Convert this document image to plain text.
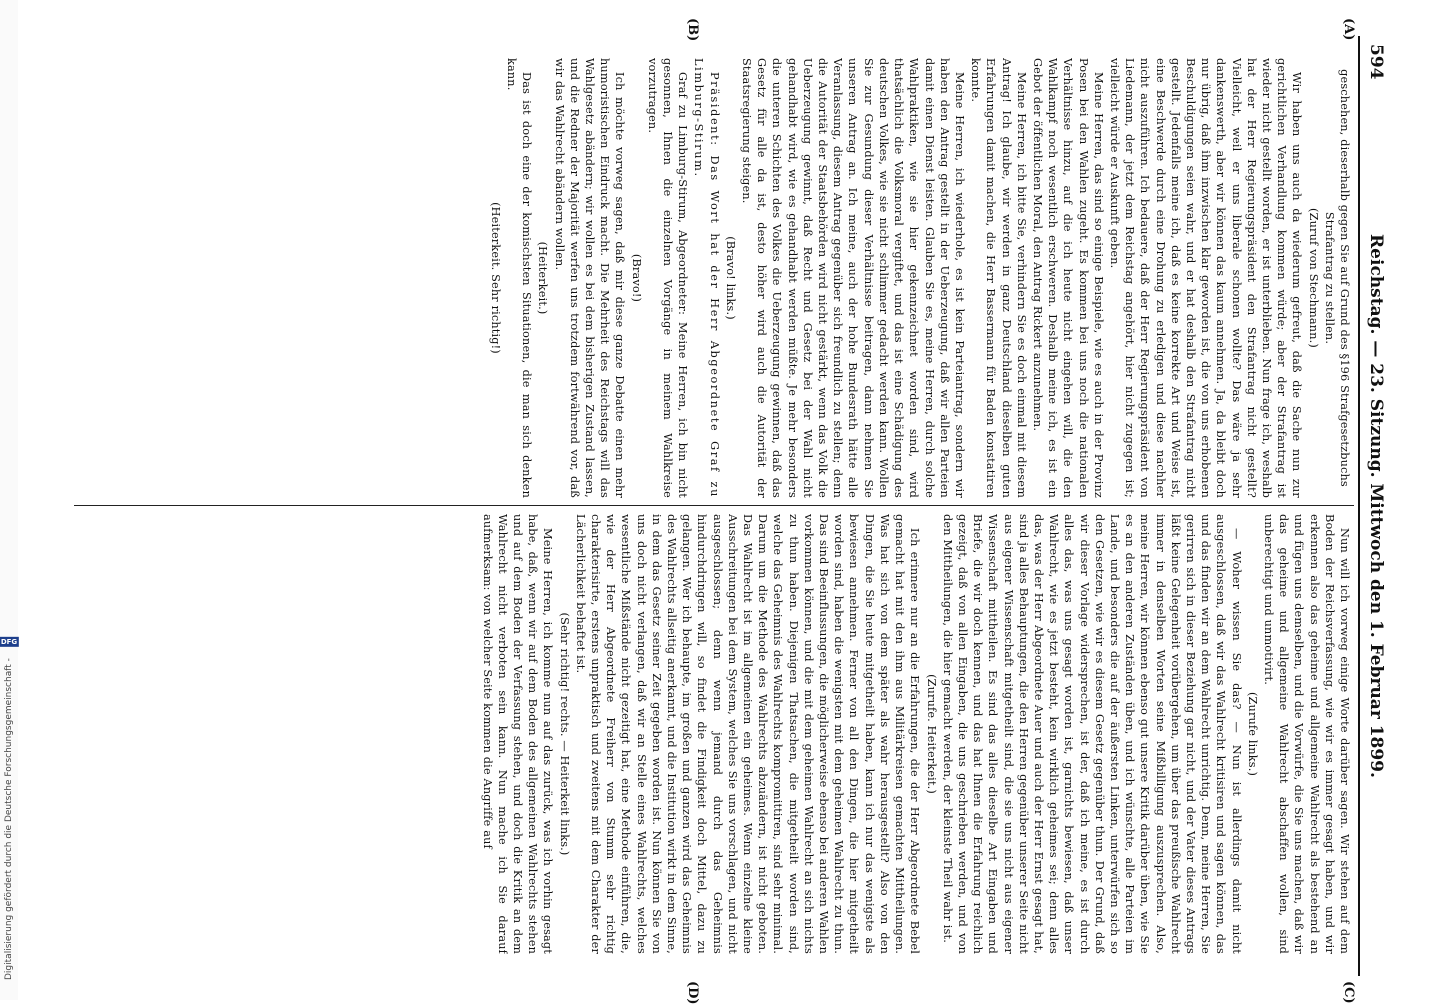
Digitalisierung gefördert durch die Deutsche Forschungsgemeinschaft -
DFG
594
Reichstag. — 23. Sitzung. Mittwoch den 1. Februar 1899.
(A)
(B)
(C)
(D)

geschehen, dieserhalb gegen Sie auf Grund des §196 Strafgesetzbuchs Strafantrag zu stellen.

(Zuruf von Stechmann.)

Wir haben uns auch da wiederum gefreut, daß die Sache nun zur gerichtlichen Verhandlung kommen würde; aber der Strafantrag ist wieder nicht gestellt worden, er ist unterblieben. Nun frage ich, weshalb hat der Herr Regierungspräsident den Strafantrag nicht gestellt? Vielleicht, weil er uns liberale schonen wollte? Das wäre ja sehr dankenswerth, aber wir können das kaum annehmen. Ja, da bleibt doch nur übrig, daß ihm inzwischen klar geworden ist, die von uns erhobenen Beschuldigungen seien wahr, und er hat deshalb den Strafantrag nicht gestellt. Jedenfalls meine ich, daß es keine korrekte Art und Weise ist, eine Beschwerde durch eine Drohung zu erledigen und diese nachher nicht auszuführen. Ich bedauere, daß der Herr Regierungspräsident von Liedemann, der jetzt dem Reichstag angehört, hier nicht zugegen ist; vielleicht würde er Auskunft geben.

Meine Herren, das sind so einige Beispiele, wie es auch in der Provinz Posen bei den Wahlen zugeht. Es kommen bei uns noch die nationalen Verhältnisse hinzu, auf die ich heute nicht eingehen will, die den Wahlkampf noch wesentlich erschweren. Deshalb meine ich, es ist ein Gebot der öffentlichen Moral, den Antrag Rickert anzunehmen.

Meine Herren, ich bitte Sie, verhindern Sie es doch einmal mit diesem Antrag! Ich glaube, wir werden in ganz Deutschland dieselben guten Erfahrungen damit machen, die Herr Bassermann für Baden konstatiren konnte.

Meine Herren, ich wiederhole, es ist kein Parteiantrag, sondern wir haben den Antrag gestellt in der Ueberzeugung, daß wir allen Parteien damit einen Dienst leisten. Glauben Sie es, meine Herren, durch solche Wahlpraktiken, wie sie hier gekennzeichnet worden sind, wird thatsächlich die Volksmoral vergiftet, und das ist eine Schädigung des deutschen Volkes, wie sie nicht schlimmer gedacht werden kann. Wollen Sie zur Gesundung dieser Verhältnisse beitragen, dann nehmen Sie unseren Antrag an. Ich meine, auch der hohe Bundesrath hätte alle Veranlassung, diesem Antrag gegenüber sich freundlich zu stellen; denn die Autorität der Staatsbehörden wird nicht gestärkt, wenn das Volk die Ueberzeugung gewinnt, daß Recht und Gesetz bei der Wahl nicht gehandhabt wird, wie es gehandhabt werden müßte. Je mehr besonders die unteren Schichten des Volkes die Ueberzeugung gewinnen, daß das Gesetz für alle da ist, desto höher wird auch die Autorität der Staatsregierung steigen.

(Bravo! links.)

Präsident: Das Wort hat der Herr Abgeordnete Graf zu Limburg-Stirum.

Graf zu Limburg-Stirum, Abgeordneter: Meine Herren, ich bin nicht gesonnen, Ihnen die einzelnen Vorgänge in meinem Wahlkreise vorzutragen.

(Bravo!)

Ich möchte vorweg sagen, daß mir diese ganze Debatte einen mehr humoristischen Eindruck macht. Die Mehrheit des Reichstags will das Wahlgesetz abändern; wir wollen es bei dem bisherigen Zustand lassen, und die Redner der Majorität werfen uns trotzdem fortwährend vor, daß wir das Wahlrecht abändern wollen.

(Heiterkeit.)

Das ist doch eine der komischsten Situationen, die man sich denken kann.

(Heiterkeit. Sehr richtig!)

Nun will ich vorweg einige Worte darüber sagen. Wir stehen auf dem Boden der Reichsverfassung, wie wir es immer gesagt haben, und wir erkennen also das geheime und allgemeine Wahlrecht als bestehend an und fügen uns demselben, und die Vorwürfe, die Sie uns machen, daß wir das geheime und allgemeine Wahlrecht abschaffen wollen, sind unberechtigt und unmotivirt.

(Zurufe links.)

— Woher wissen Sie das? — Nun ist allerdings damit nicht ausgeschlossen, daß wir das Wahlrecht kritisiren und sagen können, das und das finden wir an dem Wahlrecht unrichtig. Denn, meine Herren, Sie gerirren sich in dieser Beziehung gar nicht, und der Vater dieses Antrags läßt keine Gelegenheit vorübergehen, um über das preußische Wahlrecht immer in denselben Worten seine Mißbilligung auszusprechen. Also, meine Herren, wir können ebenso gut unsere Kritik darüber üben, wie Sie es an den anderen Zuständen üben, und ich wünschte, alle Parteien im Lande, und besonders die auf der äußersten Linken, unterwürfen sich so den Gesetzen, wie wir es diesem Gesetz gegenüber thun. Der Grund, daß wir dieser Vorlage widersprechen, ist der, daß ich meine, es ist durch alles das, was uns gesagt worden ist, garnichts bewiesen, daß unser Wahlrecht, wie es jetzt besteht, kein wirklich geheimes sei; denn alles das, was der Herr Abgeordnete Auer und auch der Herr Ernst gesagt hat, sind ja alles Behauptungen, die den Herren gegenüber unserer Seite nicht aus eigener Wissenschaft mitgetheilt sind, die sie uns nicht aus eigener Wissenschaft mittheilen. Es sind das alles dieselbe Art Eingaben und Briefe, die wir doch kennen, und das hat Ihnen die Erfahrung reichlich gezeigt, daß von allen Eingaben, die uns geschrieben werden, und von den Mittheilungen, die hier gemacht werden, der kleinste Theil wahr ist.

(Zurufe. Heiterkeit.)

Ich erinnere nur an die Erfahrungen, die der Herr Abgeordnete Bebel gemacht hat mit den ihm aus Militärkreisen gemachten Mittheilungen. Was hat sich von dem später als wahr herausgestellt? Also von den Dingen, die Sie heute mitgetheilt haben, kann ich nur das wenigste als bewiesen annehmen. Ferner von all den Dingen, die hier mitgetheilt worden sind, haben die wenigsten mit dem geheimen Wahlrecht zu thun. Das sind Beeinflussungen, die möglicherweise ebenso bei anderen Wahlen vorkommen können, und die mit dem geheimen Wahlrecht an sich nichts zu thun haben. Diejenigen Thatsachen, die mitgetheilt worden sind, welche das Geheimnis des Wahlrechts kompromittiren, sind sehr minimal. Darum um die Methode des Wahlrechts abzuändern, ist nicht geboten. Das Wahlrecht ist im allgemeinen ein geheimes. Wenn einzelne kleine Ausschreitungen bei dem System, welches Sie uns vorschlagen, und nicht ausgeschlossen; denn wenn jemand durch das Geheimnis hindurchdringen will, so findet die Findigkeit doch Mittel, dazu zu gelangen. Wer ich behaupte, im großen und ganzen wird das Geheimnis des Wahlrechts allseitig anerkannt, und die Institution wirkt in dem Sinne, in dem das Gesetz seiner Zeit gegeben worden ist. Nun können Sie von uns doch nicht verlangen, daß wir an Stelle eines Wahlrechts, welches wesentliche Mißstände nicht gezeitigt hat, eine Methode einführen, die, wie der Herr Abgeordnete Freiherr von Stumm sehr richtig charakterisirte, erstens unpraktisch und zweitens mit dem Charakter der Lächerlichkeit behaftet ist.

(Sehr richtig! rechts. — Heiterkeit links.)

Meine Herren, ich komme nun auf das zurück, was ich vorhin gesagt habe, daß, wenn wir auf dem Boden des allgemeinen Wahlrechts stehen und auf dem Boden der Verfassung stehen, und doch die Kritik an dem Wahlrecht nicht verboten sein kann. Nun mache ich Sie darauf aufmerksam: von welcher Seite kommen die Angriffe auf
